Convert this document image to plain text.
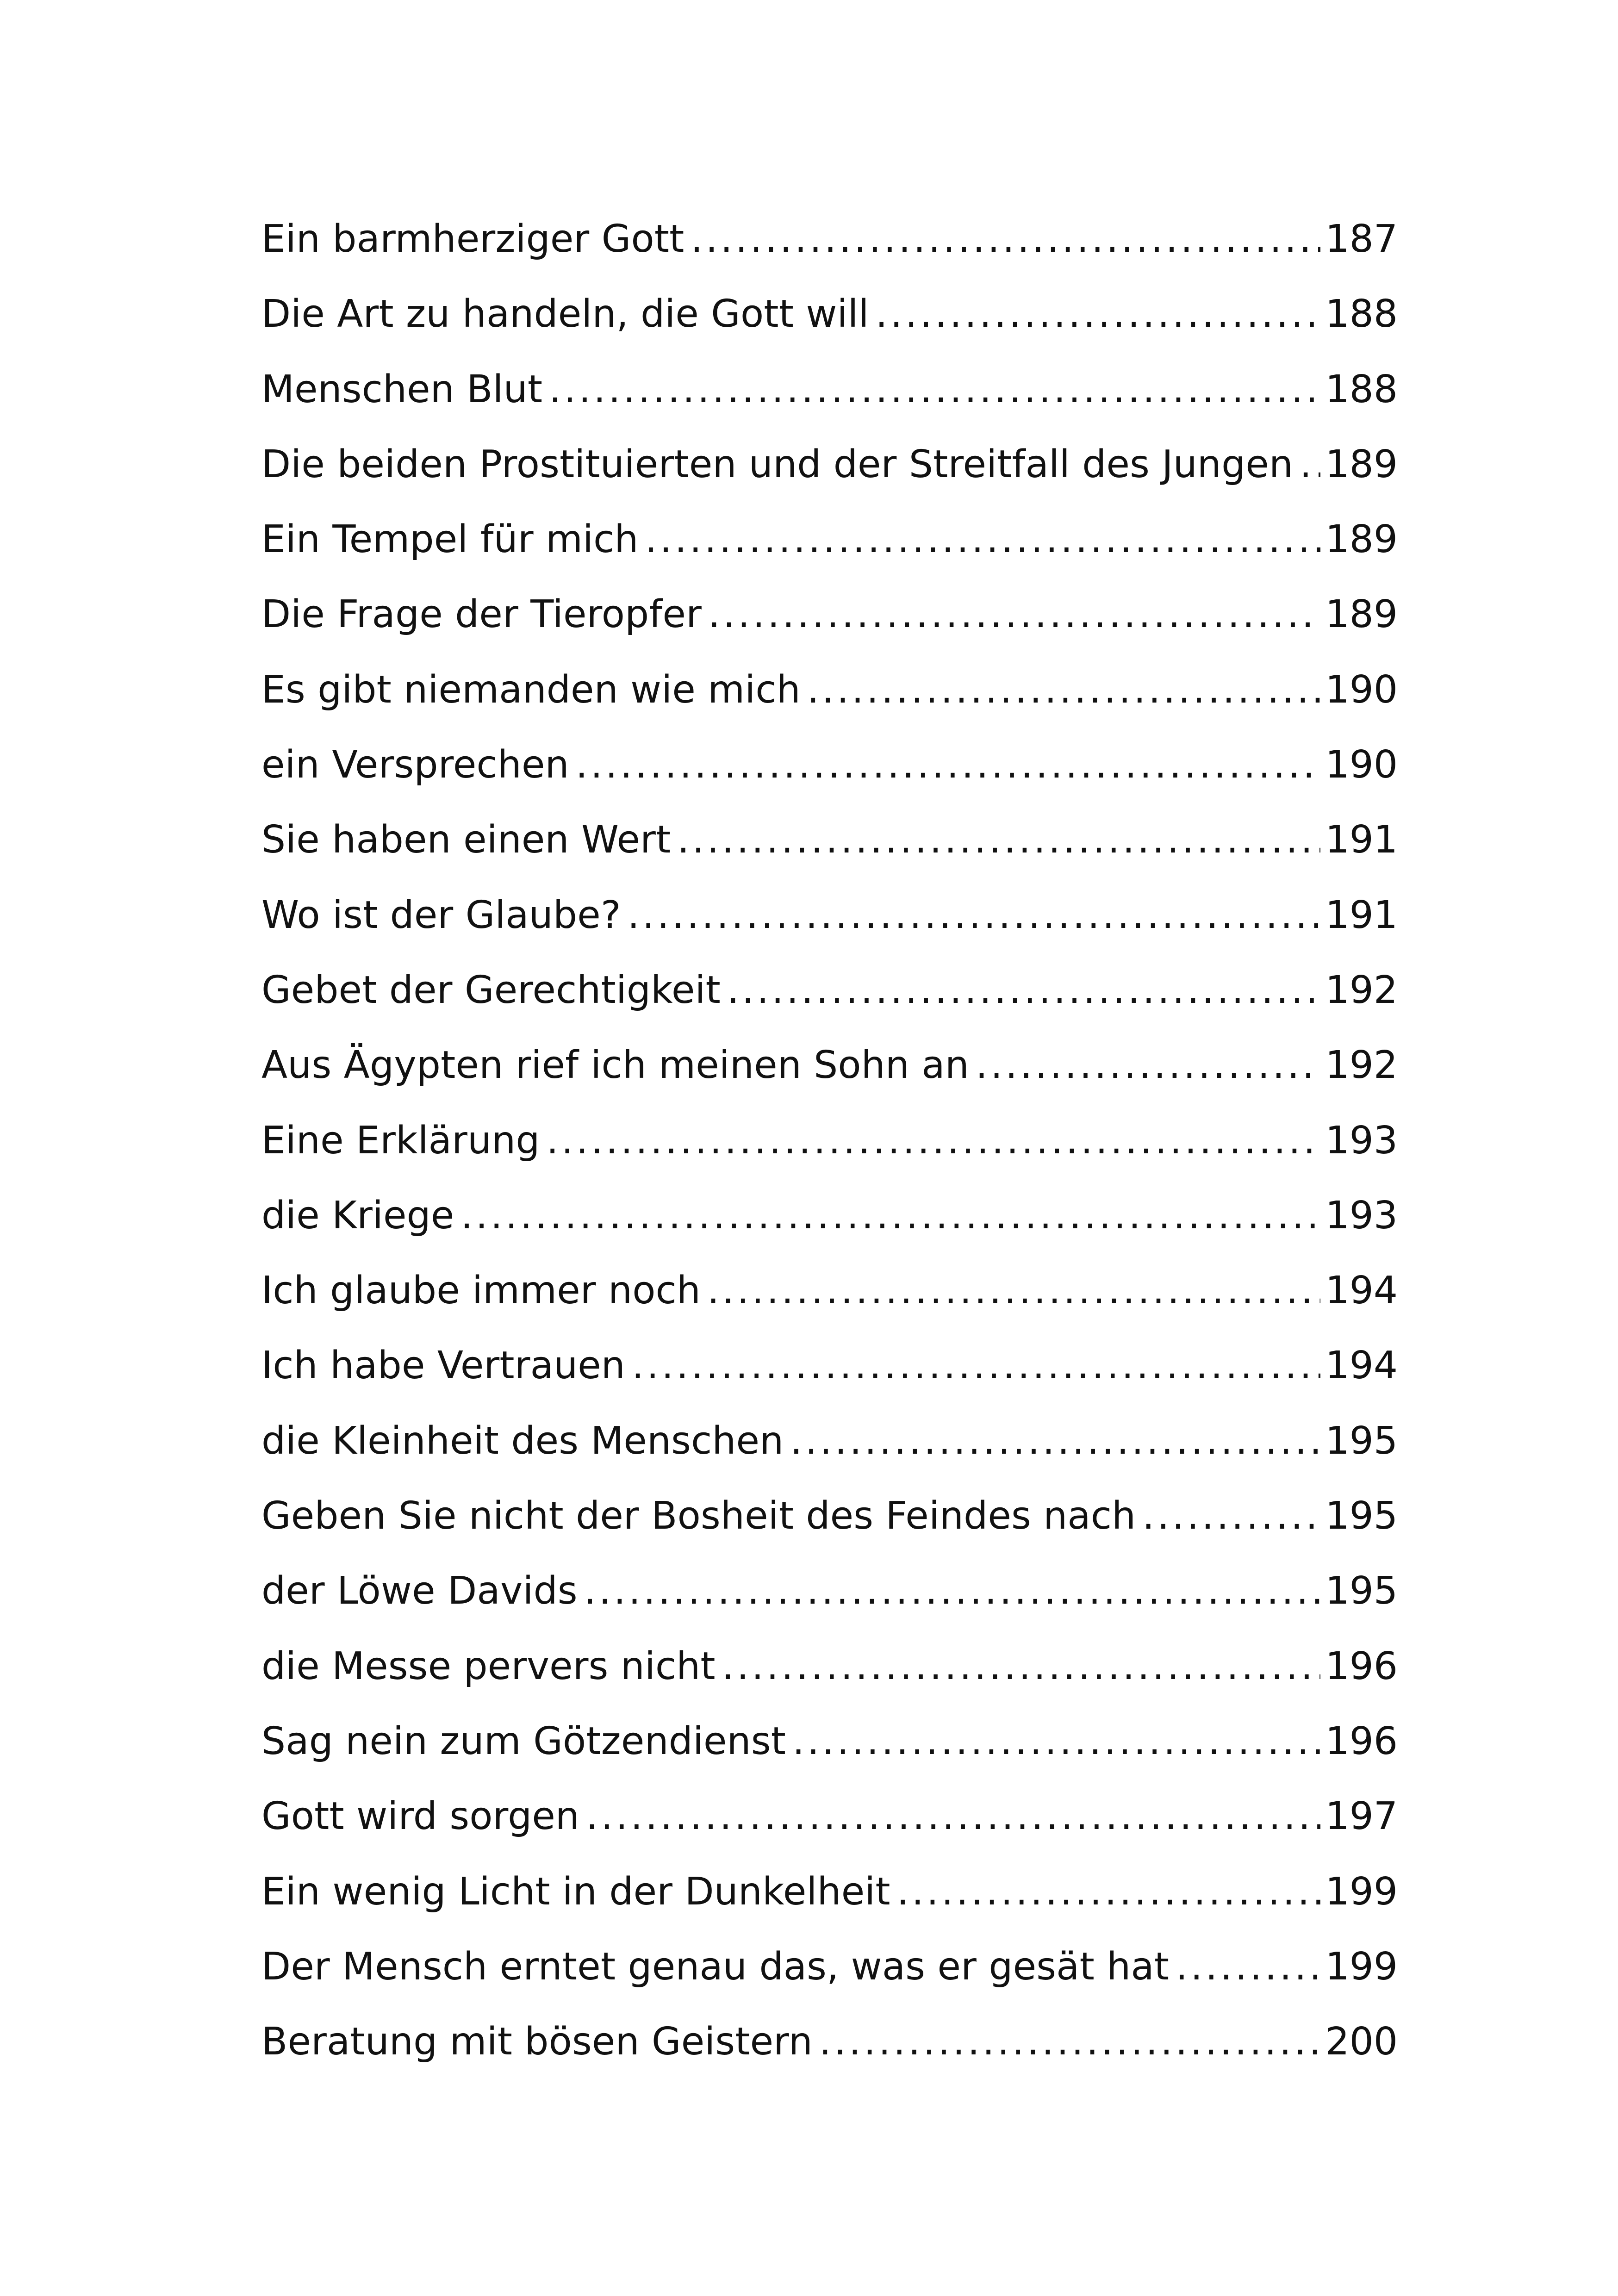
Ein barmherziger Gott .....	187
Die Art zu handeln, die Gott will .....	188
Menschen Blut .....	188
Die beiden Prostituierten und der Streitfall des Jungen ..... 189
Ein Tempel für mich .....	189
Die Frage der Tieropfer .....	189
Es gibt niemanden wie mich .....	190
ein Versprechen .....	190
Sie haben einen Wert .....	191
Wo ist der Glaube? .....	191
Gebet der Gerechtigkeit .....	192
Aus Ägypten rief ich meinen Sohn an .....	192
Eine Erklärung .....	193
die Kriege .....	193
Ich glaube immer noch .....	194
Ich habe Vertrauen .....	194
die Kleinheit des Menschen .....	195
Geben Sie nicht der Bosheit des Feindes nach .....	195
der Löwe Davids .....	195
die Messe pervers nicht .....	196
Sag nein zum Götzendienst .....	196
Gott wird sorgen .....	197
Ein wenig Licht in der Dunkelheit .....	199
Der Mensch erntet genau das, was er gesät hat .....	199
Beratung mit bösen Geistern .....	200
